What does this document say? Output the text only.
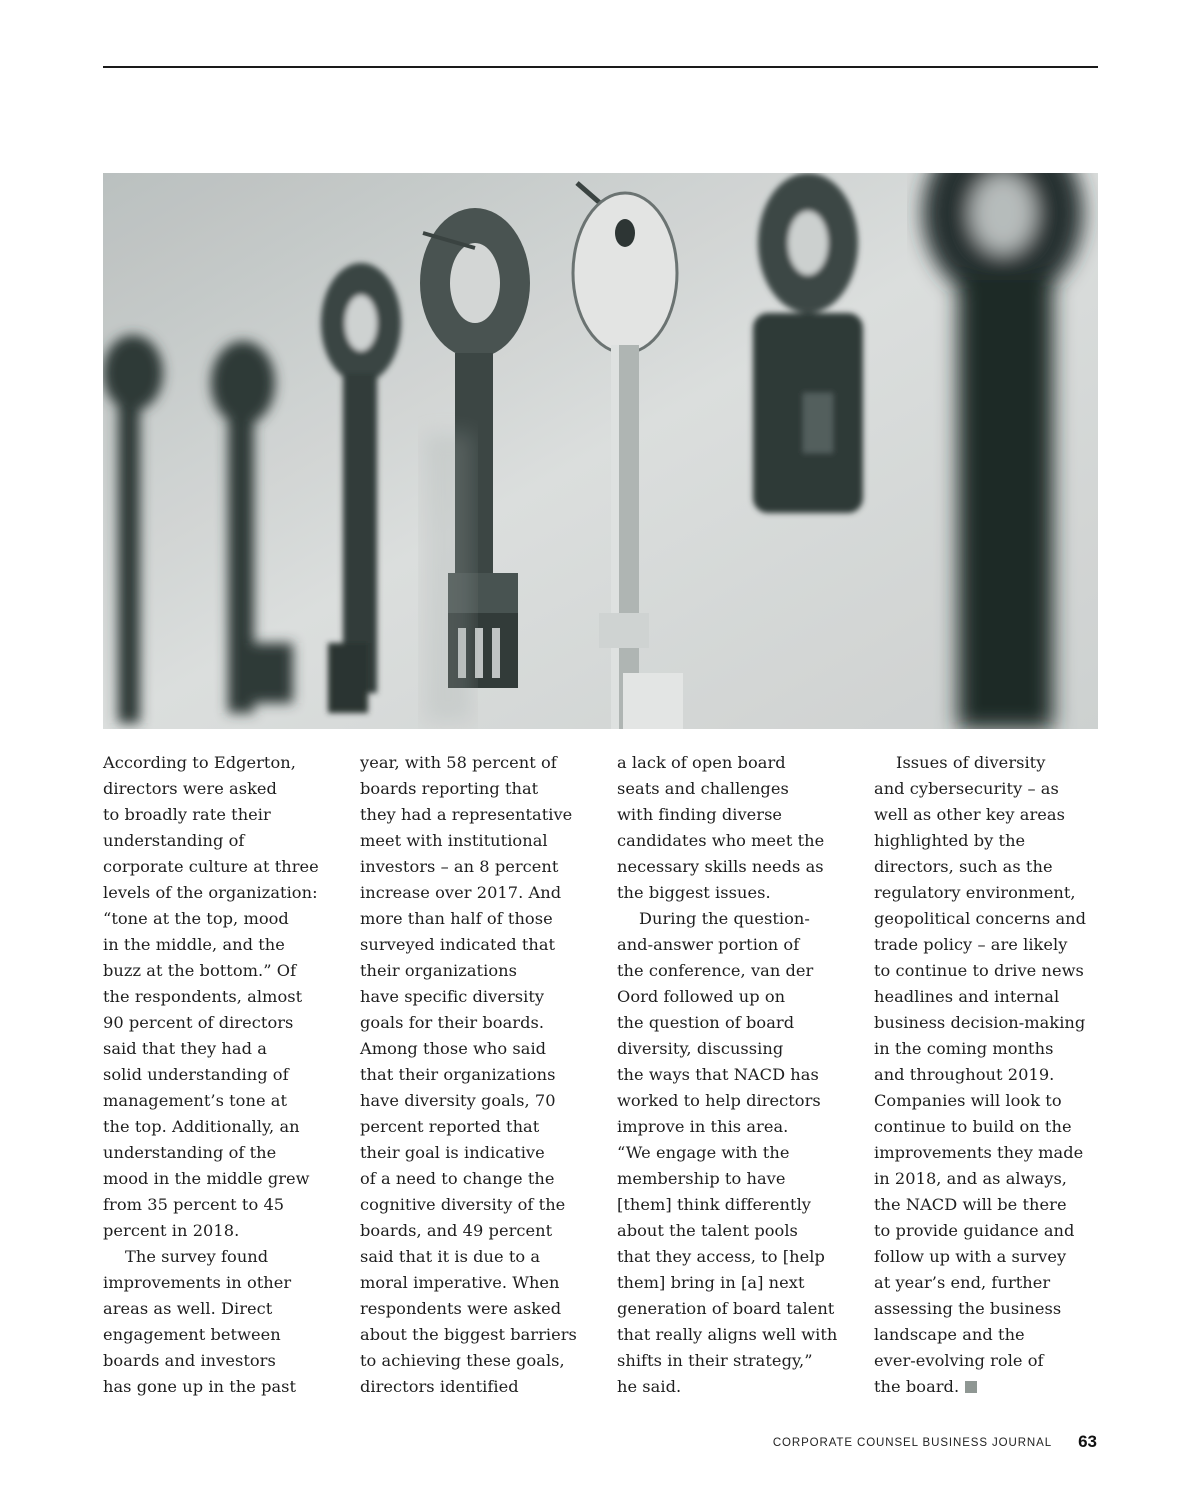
According to Edgerton,
directors were asked
to broadly rate their
understanding of
corporate culture at three
levels of the organization:
“tone at the top, mood
in the middle, and the
buzz at the bottom.” Of
the respondents, almost
90 percent of directors
said that they had a
solid understanding of
management’s tone at
the top. Additionally, an
understanding of the
mood in the middle grew
from 35 percent to 45
percent in 2018.

The survey found
improvements in other
areas as well. Direct
engagement between
boards and investors
has gone up in the past

year, with 58 percent of
boards reporting that
they had a representative
meet with institutional
investors – an 8 percent
increase over 2017. And
more than half of those
surveyed indicated that
their organizations
have specific diversity
goals for their boards.
Among those who said
that their organizations
have diversity goals, 70
percent reported that
their goal is indicative
of a need to change the
cognitive diversity of the
boards, and 49 percent
said that it is due to a
moral imperative. When
respondents were asked
about the biggest barriers
to achieving these goals,
directors identified

a lack of open board
seats and challenges
with finding diverse
candidates who meet the
necessary skills needs as
the biggest issues.

During the question-
and-answer portion of
the conference, van der
Oord followed up on
the question of board
diversity, discussing
the ways that NACD has
worked to help directors
improve in this area.
“We engage with the
membership to have
[them] think differently
about the talent pools
that they access, to [help
them] bring in [a] next
generation of board talent
that really aligns well with
shifts in their strategy,”
he said.

Issues of diversity
and cybersecurity – as
well as other key areas
highlighted by the
directors, such as the
regulatory environment,
geopolitical concerns and
trade policy – are likely
to continue to drive news
headlines and internal
business decision-making
in the coming months
and throughout 2019.
Companies will look to
continue to build on the
improvements they made
in 2018, and as always,
the NACD will be there
to provide guidance and
follow up with a survey
at year’s end, further
assessing the business
landscape and the
ever-evolving role of
the board.

CORPORATE COUNSEL BUSINESS JOURNAL 63
